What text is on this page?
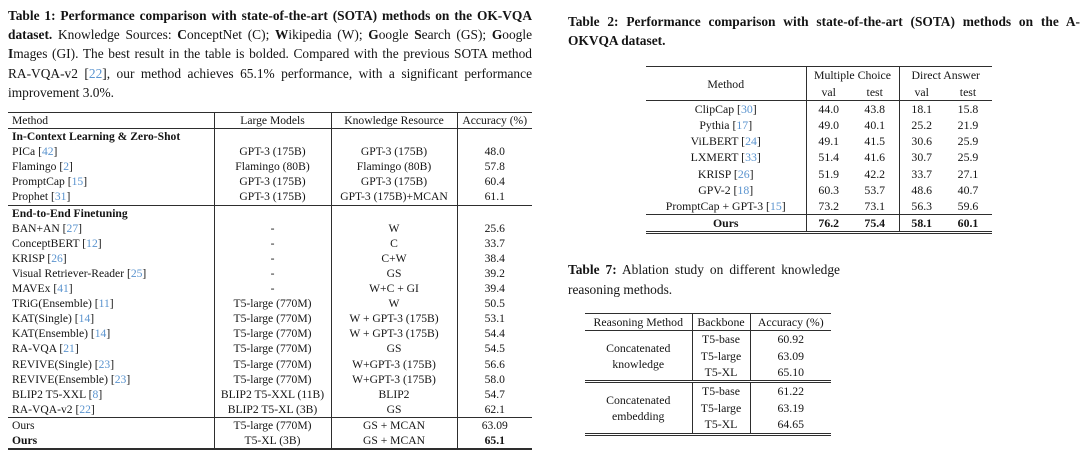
Table 1: Performance comparison with state-of-the-art (SOTA) methods on the OK-VQA dataset. Knowledge Sources: ConceptNet (C); Wikipedia (W); Google Search (GS); Google Images (GI). The best result in the table is bolded. Compared with the previous SOTA method RA-VQA-v2 [22], our method achieves 65.1% performance, with a significant performance improvement 3.0%.

Method	Large Models	Knowledge Resource	Accuracy (%)
In-Context Learning & Zero-Shot			
PICa [42]	GPT-3 (175B)	GPT-3 (175B)	48.0
Flamingo [2]	Flamingo (80B)	Flamingo (80B)	57.8
PromptCap [15]	GPT-3 (175B)	GPT-3 (175B)	60.4
Prophet [31]	GPT-3 (175B)	GPT-3 (175B)+MCAN	61.1
End-to-End Finetuning			
BAN+AN [27]	-	W	25.6
ConceptBERT [12]	-	C	33.7
KRISP [26]	-	C+W	38.4
Visual Retriever-Reader [25]	-	GS	39.2
MAVEx [41]	-	W+C + GI	39.4
TRiG(Ensemble) [11]	T5-large (770M)	W	50.5
KAT(Single) [14]	T5-large (770M)	W + GPT-3 (175B)	53.1
KAT(Ensemble) [14]	T5-large (770M)	W + GPT-3 (175B)	54.4
RA-VQA [21]	T5-large (770M)	GS	54.5
REVIVE(Single) [23]	T5-large (770M)	W+GPT-3 (175B)	56.6
REVIVE(Ensemble) [23]	T5-large (770M)	W+GPT-3 (175B)	58.0
BLIP2 T5-XXL [8]	BLIP2 T5-XXL (11B)	BLIP2	54.7
RA-VQA-v2 [22]	BLIP2 T5-XL (3B)	GS	62.1
Ours	T5-large (770M)	GS + MCAN	63.09
Ours	T5-XL (3B)	GS + MCAN	65.1

Table 2: Performance comparison with state-of-the-art (SOTA) methods on the A-OKVQA dataset.

Method	Multiple Choice		Direct Answer	
	val	test	val	test
ClipCap [30]	44.0	43.8	18.1	15.8
Pythia [17]	49.0	40.1	25.2	21.9
ViLBERT [24]	49.1	41.5	30.6	25.9
LXMERT [33]	51.4	41.6	30.7	25.9
KRISP [26]	51.9	42.2	33.7	27.1
GPV-2 [18]	60.3	53.7	48.6	40.7
PromptCap + GPT-3 [15]	73.2	73.1	56.3	59.6
Ours	76.2	75.4	58.1	60.1

Table 7: Ablation study on different knowledge reasoning methods.

Reasoning Method	Backbone	Accuracy (%)
Concatenated knowledge	T5-base	60.92
	T5-large	63.09
	T5-XL	65.10
Concatenated embedding	T5-base	61.22
	T5-large	63.19
	T5-XL	64.65
